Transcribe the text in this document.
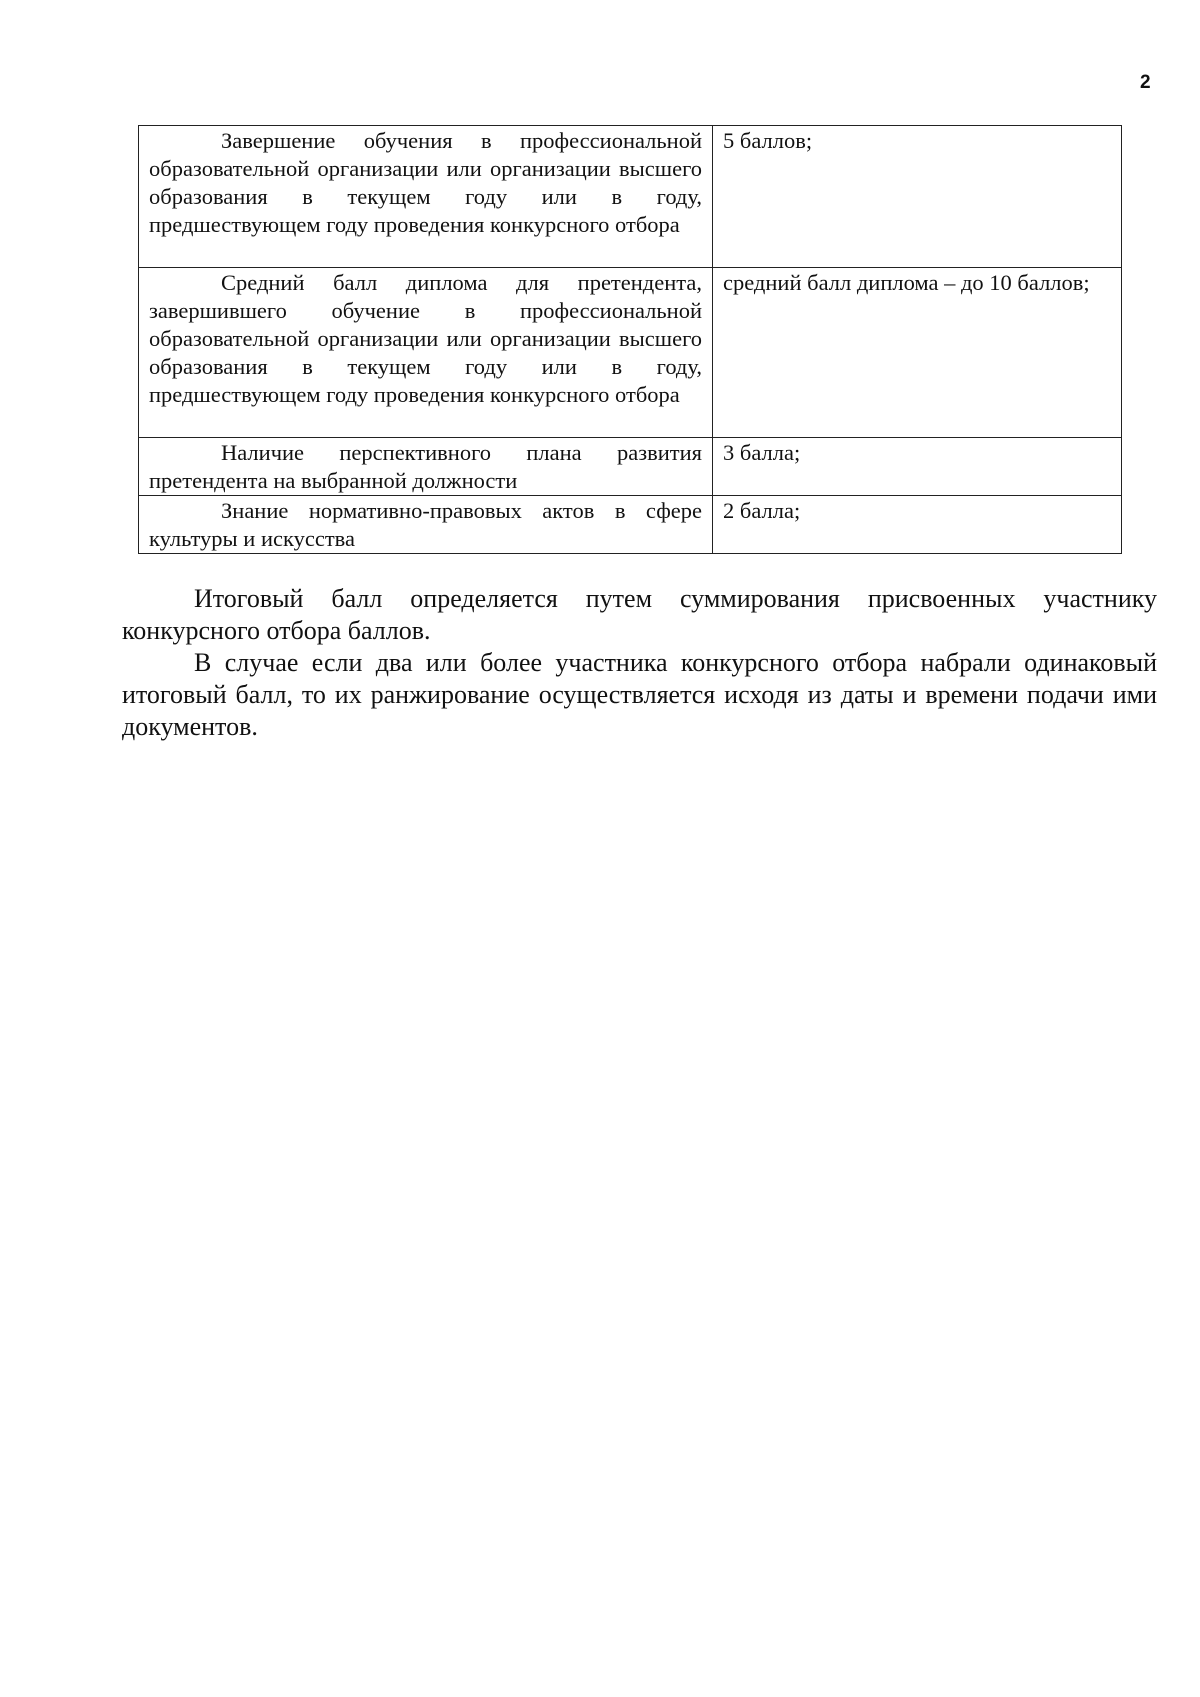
2
Завершение обучения в профессиональной образовательной организации или организации высшего образования в текущем году или в году, предшествующем году проведения конкурсного отбора	5 баллов;
Средний балл диплома для претендента, завершившего обучение в профессиональной образовательной организации или организации высшего образования в текущем году или в году, предшествующем году проведения конкурсного отбора	средний балл диплома – до 10 баллов;
Наличие перспективного плана развития претендента на выбранной должности	3 балла;
Знание нормативно-правовых актов в сфере культуры и искусства	2 балла;

Итоговый балл определяется путем суммирования присвоенных участнику конкурсного отбора баллов.

В случае если два или более участника конкурсного отбора набрали одинаковый итоговый балл, то их ранжирование осуществляется исходя из даты и времени подачи ими документов.
